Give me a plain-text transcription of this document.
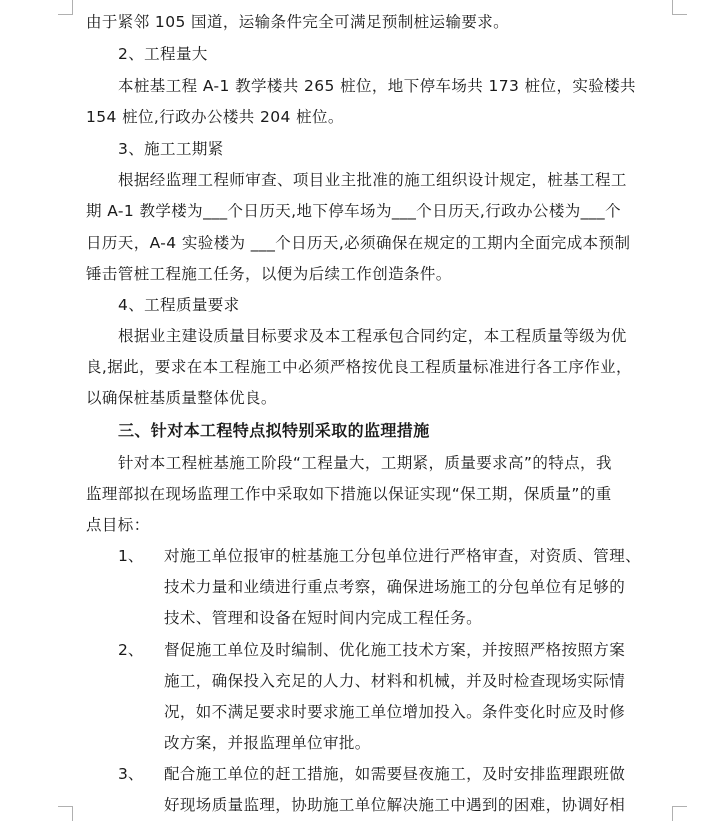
由于紧邻 105 国道，运输条件完全可满足预制桩运输要求。
2、工程量大
本桩基工程 A-1 教学楼共 265 桩位，地下停车场共 173 桩位，实验楼共
154 桩位,行政办公楼共 204 桩位。
3、施工工期紧
根据经监理工程师审查、项目业主批准的施工组织设计规定，桩基工程工
期 A-1 教学楼为___个日历天,地下停车场为___个日历天,行政办公楼为___个
日历天，A-4 实验楼为 ___个日历天,必须确保在规定的工期内全面完成本预制
锤击管桩工程施工任务，以便为后续工作创造条件。
4、工程质量要求
根据业主建设质量目标要求及本工程承包合同约定，本工程质量等级为优
良,据此，要求在本工程施工中必须严格按优良工程质量标准进行各工序作业，
以确保桩基质量整体优良。
三、针对本工程特点拟特别采取的监理措施
针对本工程桩基施工阶段“工程量大，工期紧，质量要求高”的特点，我
监理部拟在现场监理工作中采取如下措施以保证实现“保工期，保质量”的重
点目标：
1、 对施工单位报审的桩基施工分包单位进行严格审查，对资质、管理、
技术力量和业绩进行重点考察，确保进场施工的分包单位有足够的
技术、管理和设备在短时间内完成工程任务。
2、 督促施工单位及时编制、优化施工技术方案，并按照严格按照方案
施工，确保投入充足的人力、材料和机械，并及时检查现场实际情
况，如不满足要求时要求施工单位增加投入。条件变化时应及时修
改方案，并报监理单位审批。
3、 配合施工单位的赶工措施，如需要昼夜施工，及时安排监理跟班做
好现场质量监理，协助施工单位解决施工中遇到的困难，协调好相
